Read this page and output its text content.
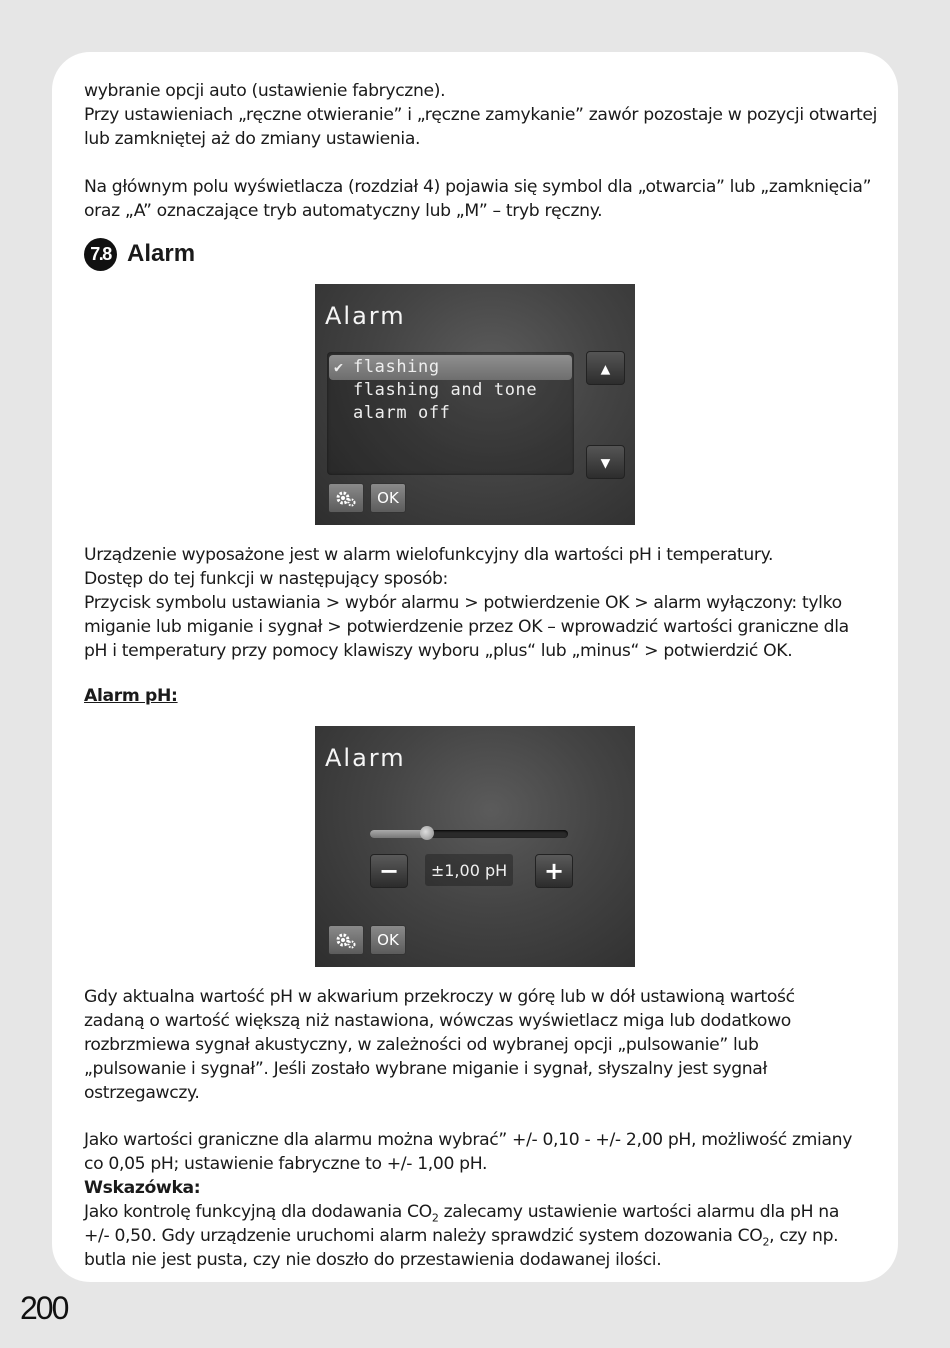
wybranie opcji auto (ustawienie fabryczne).

Przy ustawieniach „ręczne otwieranie” i „ręczne zamykanie” zawór pozostaje w pozycji otwartej

lub zamkniętej aż do zmiany ustawienia.

Na głównym polu wyświetlacza (rozdział 4) pojawia się symbol dla „otwarcia” lub „zamknięcia”

oraz „A” oznaczające tryb automatyczny lub „M” – tryb ręczny.

7.8 Alarm
Alarm
✔ flashing
flashing and tone
alarm off
▲
▼
OK

Urządzenie wyposażone jest w alarm wielofunkcyjny dla wartości pH i temperatury.

Dostęp do tej funkcji w następujący sposób:

Przycisk symbolu ustawiania > wybór alarmu > potwierdzenie OK > alarm wyłączony: tylko

miganie lub miganie i sygnał > potwierdzenie przez OK – wprowadzić wartości graniczne dla

pH i temperatury przy pomocy klawiszy wyboru „plus“ lub „minus“ > potwierdzić OK.

Alarm pH:
Alarm
−	±1,00 pH	+
OK

Gdy aktualna wartość pH w akwarium przekroczy w górę lub w dół ustawioną wartość

zadaną o wartość większą niż nastawiona, wówczas wyświetlacz miga lub dodatkowo

rozbrzmiewa sygnał akustyczny, w zależności od wybranej opcji „pulsowanie” lub

„pulsowanie i sygnał”. Jeśli zostało wybrane miganie i sygnał, słyszalny jest sygnał

ostrzegawczy.

Jako wartości graniczne dla alarmu można wybrać” +/- 0,10 - +/- 2,00 pH, możliwość zmiany

co 0,05 pH; ustawienie fabryczne to +/- 1,00 pH.

Wskazówka:

Jako kontrolę funkcyjną dla dodawania $CO_2$ zalecamy ustawienie wartości alarmu dla pH na

+/- 0,50. Gdy urządzenie uruchomi alarm należy sprawdzić system dozowania $CO_2$, czy np.

butla nie jest pusta, czy nie doszło do przestawienia dodawanej ilości.

200
